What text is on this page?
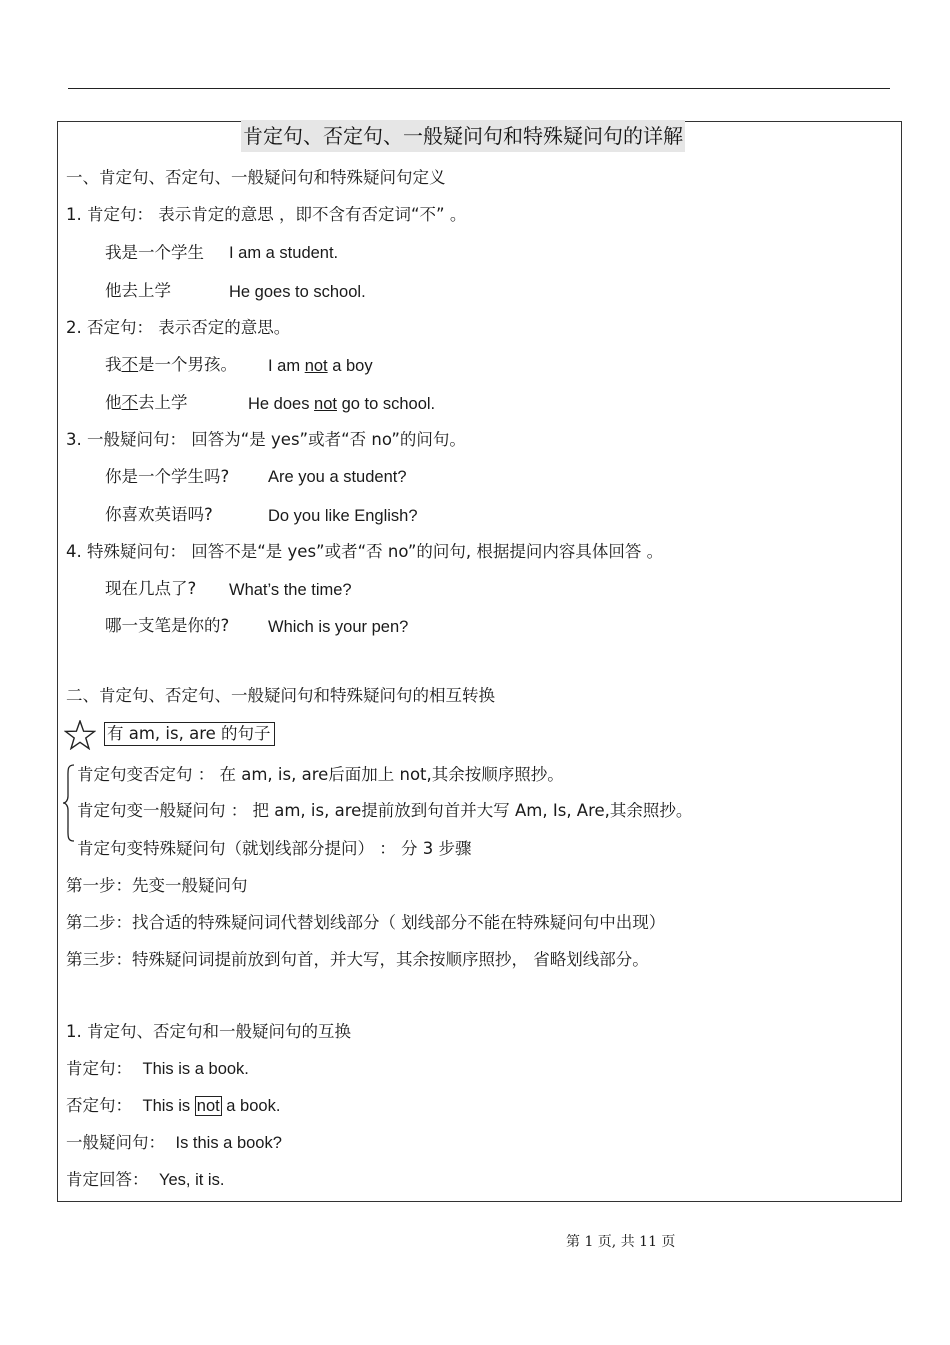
肯定句、否定句、一般疑问句和特殊疑问句的详解
一、肯定句、否定句、一般疑问句和特殊疑问句定义
1. 肯定句： 表示肯定的意思 ，即不含有否定词“不” 。
我是一个学生 I am a student.
他去上学	He goes to school.
2. 否定句： 表示否定的意思。
我不是一个男孩。 I am not a boy
他不去上学	He does not go to school.
3. 一般疑问句： 回答为“是 yes”或者“否 no”的问句。
你是一个学生吗? Are you a student?
你喜欢英语吗?	Do you like English?
4. 特殊疑问句： 回答不是“是 yes”或者“否 no”的问句, 根据提问内容具体回答 。
现在几点了? What’s the time?
哪一支笔是你的? Which is your pen?
二、肯定句、否定句、一般疑问句和特殊疑问句的相互转换
有 am, is, are 的句子
肯定句变否定句 ： 在 am, is, are后面加上 not,其余按顺序照抄。
肯定句变一般疑问句 ： 把 am, is, are提前放到句首并大写 Am, Is, Are,其余照抄。
肯定句变特殊疑问句（就划线部分提问） ： 分 3 步骤
第一步：先变一般疑问句
第二步：找合适的特殊疑问词代替划线部分（ 划线部分不能在特殊疑问句中出现）
第三步：特殊疑问词提前放到句首，并大写，其余按顺序照抄， 省略划线部分。
1. 肯定句、否定句和一般疑问句的互换
肯定句： This is a book.
否定句： This is not a book.
一般疑问句： Is this a book?
肯定回答： Yes, it is.
第 1 页, 共 11 页
